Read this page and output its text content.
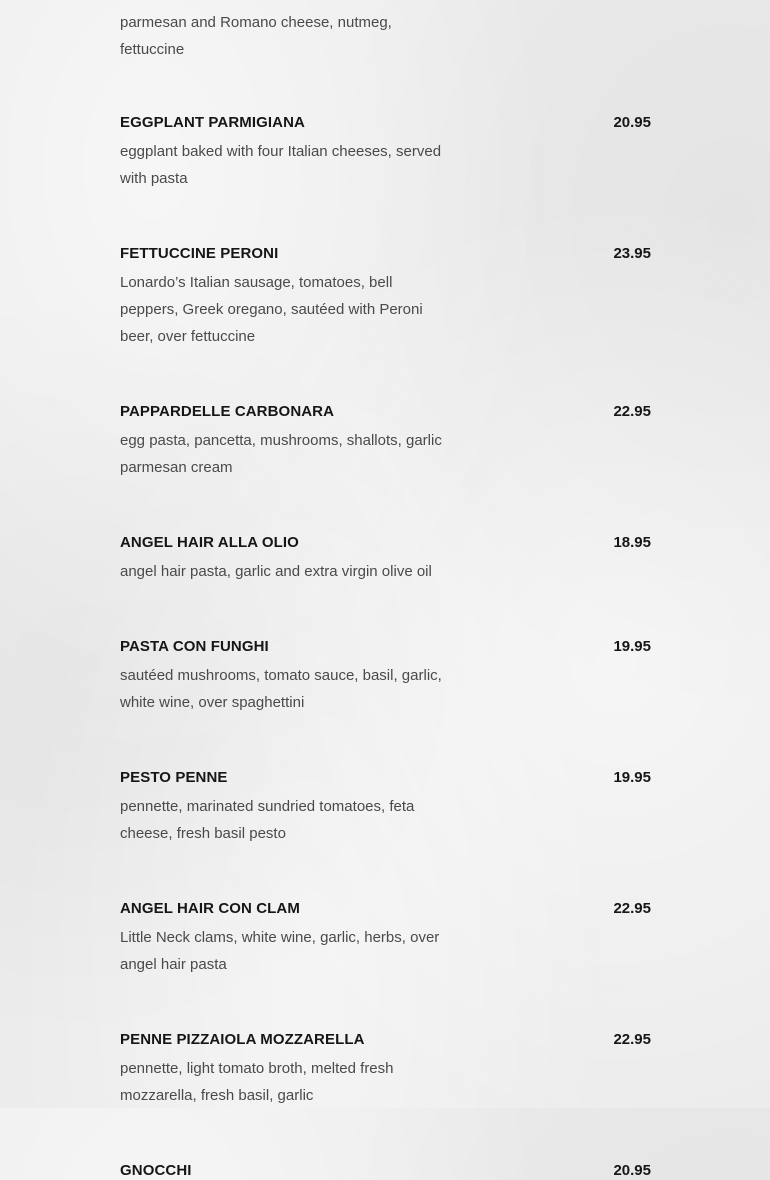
parmesan and Romano cheese, nutmeg, fettuccine
EGGPLANT PARMIGIANA	20.95
eggplant baked with four Italian cheeses, served with pasta
FETTUCCINE PERONI	23.95
Lonardo’s Italian sausage, tomatoes, bell peppers, Greek oregano, sautéed with Peroni beer, over fettuccine
PAPPARDELLE CARBONARA	22.95
egg pasta, pancetta, mushrooms, shallots, garlic parmesan cream
ANGEL HAIR ALLA OLIO	18.95
angel hair pasta, garlic and extra virgin olive oil
PASTA CON FUNGHI	19.95
sautéed mushrooms, tomato sauce, basil, garlic, white wine, over spaghettini
PESTO PENNE	19.95
pennette, marinated sundried tomatoes, feta cheese, fresh basil pesto
ANGEL HAIR CON CLAM	22.95
Little Neck clams, white wine, garlic, herbs, over angel hair pasta
PENNE PIZZAIOLA MOZZARELLA	22.95
pennette, light tomato broth, melted fresh mozzarella, fresh basil, garlic
GNOCCHI	20.95
